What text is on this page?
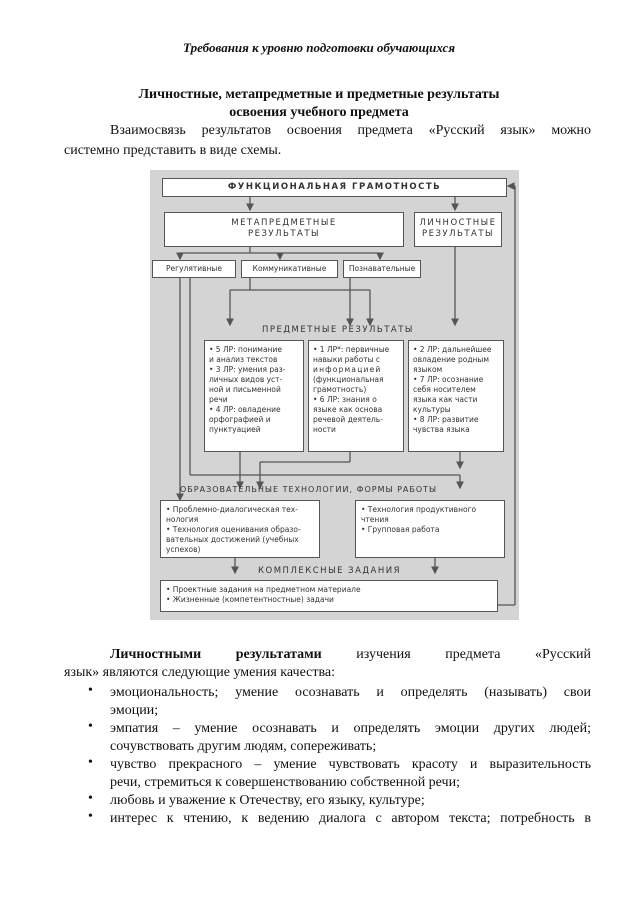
Требования к уровню подготовки обучающихся
Личностные, метапредметные и предметные результаты
освоения учебного предмета
Взаимосвязь результатов освоения предмета «Русский язык» можно
системно представить в виде схемы.
ФУНКЦИОНАЛЬНАЯ ГРАМОТНОСТЬ
МЕТАПРЕДМЕТНЫЕ
РЕЗУЛЬТАТЫ
ЛИЧНОСТНЫЕ
РЕЗУЛЬТАТЫ
Регулятивные	Коммуникативные	Познавательные
ПРЕДМЕТНЫЕ РЕЗУЛЬТАТЫ
• 5 ЛР: понимание
и анализ текстов
• 3 ЛР: умения раз-
личных видов уст-
ной и письменной
речи
• 4 ЛР: овладение
орфографией и
пунктуацией
• 1 ЛР*: первичные
навыки работы с
информацией
(функциональная
грамотность)
• 6 ЛР: знания о
языке как основа
речевой деятель-
ности
• 2 ЛР: дальнейшее
овладение родным
языком
• 7 ЛР: осознание
себя носителем
языка как части
культуры
• 8 ЛР: развитие
чувства языка
ОБРАЗОВАТЕЛЬНЫЕ ТЕХНОЛОГИИ, ФОРМЫ РАБОТЫ
• Проблемно-диалогическая тех-
нология
• Технология оценивания образо-
вательных достижений (учебных
успехов)
• Технология продуктивного
чтения
• Групповая работа
КОМПЛЕКСНЫЕ ЗАДАНИЯ
• Проектные задания на предметном материале
• Жизненные (компетентностные) задачи
Личностными результатами изучения предмета «Русский
язык» являются следующие умения качества:
• эмоциональность; умение осознавать и определять (называть) свои
эмоции;
• эмпатия – умение осознавать и определять эмоции других людей;
сочувствовать другим людям, сопереживать;
• чувство прекрасного – умение чувствовать красоту и выразительность
речи, стремиться к совершенствованию собственной речи;
• любовь и уважение к Отечеству, его языку, культуре;
• интерес к чтению, к ведению диалога с автором текста; потребность в
